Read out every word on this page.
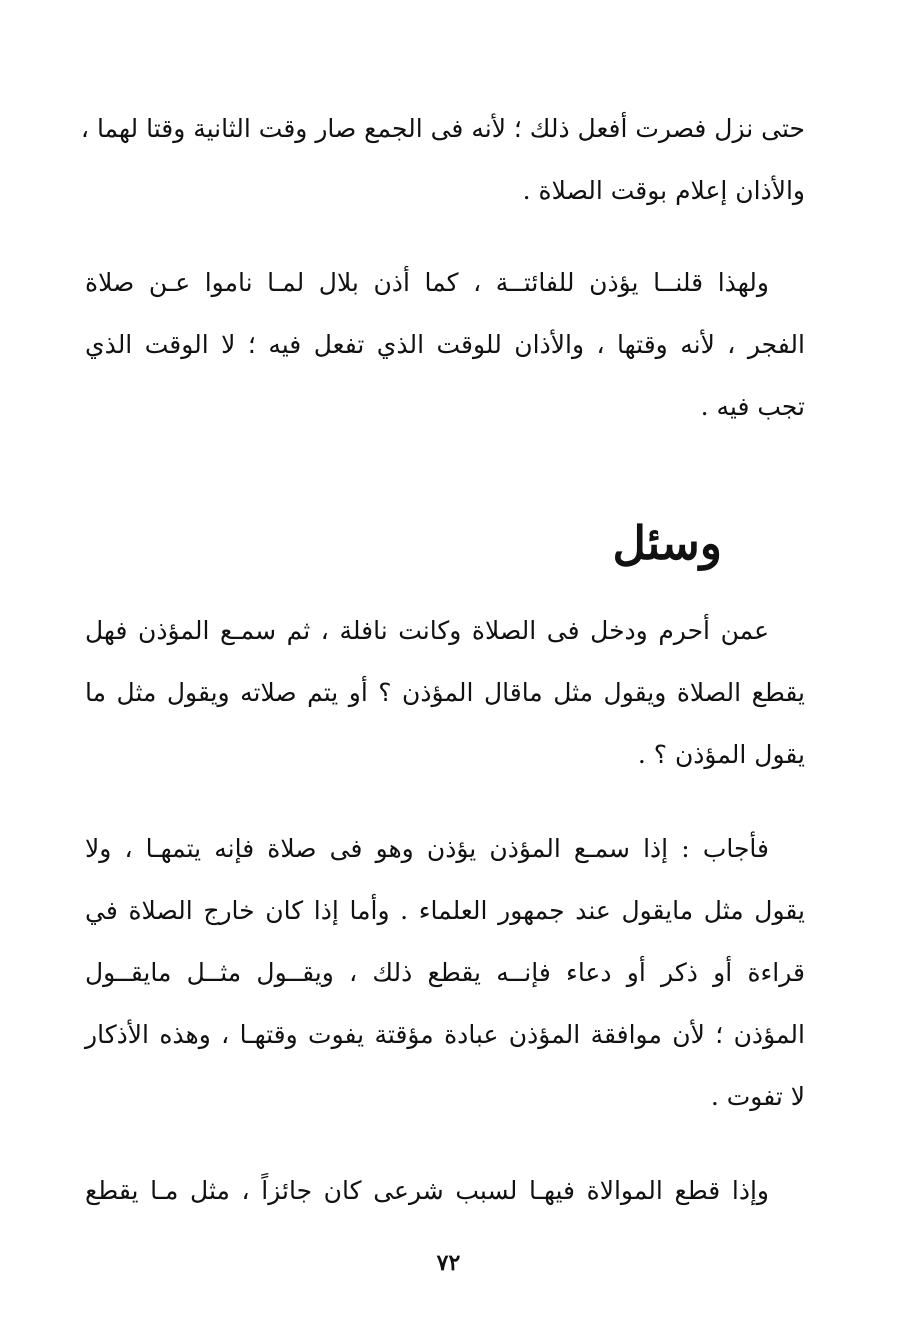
حتى نزل فصرت أفعل ذلك ؛ لأنه فى الجمع صار وقت الثانية وقتا لهما ،
والأذان إعلام بوقت الصلاة .

ولهذا قلنــا يؤذن للفائتــة ، كما أذن بلال لمـا ناموا عـن صلاة
الفجر ، لأنه وقتها ، والأذان للوقت الذي تفعل فيه ؛ لا الوقت الذي
تجب فيه .

وسئل

عمن أحرم ودخل فى الصلاة وكانت نافلة ، ثم سمـع المؤذن فهل
يقطع الصلاة ويقول مثل ماقال المؤذن ؟ أو يتم صلاته ويقول مثل ما
يقول المؤذن ؟ .

فأجاب : إذا سمـع المؤذن يؤذن وهو فى صلاة فإنه يتمهـا ، ولا
يقول مثل مايقول عند جمهور العلماء . وأما إذا كان خارج الصلاة في
قراءة أو ذكر أو دعاء فإنــه يقطع ذلك ، ويقــول مثــل مايقــول
المؤذن ؛ لأن موافقة المؤذن عبادة مؤقتة يفوت وقتهـا ، وهذه الأذكار
لا تفوت .

وإذا قطع الموالاة فيهـا لسبب شرعى كان جائزاً ، مثل مـا يقطع

٧٢
